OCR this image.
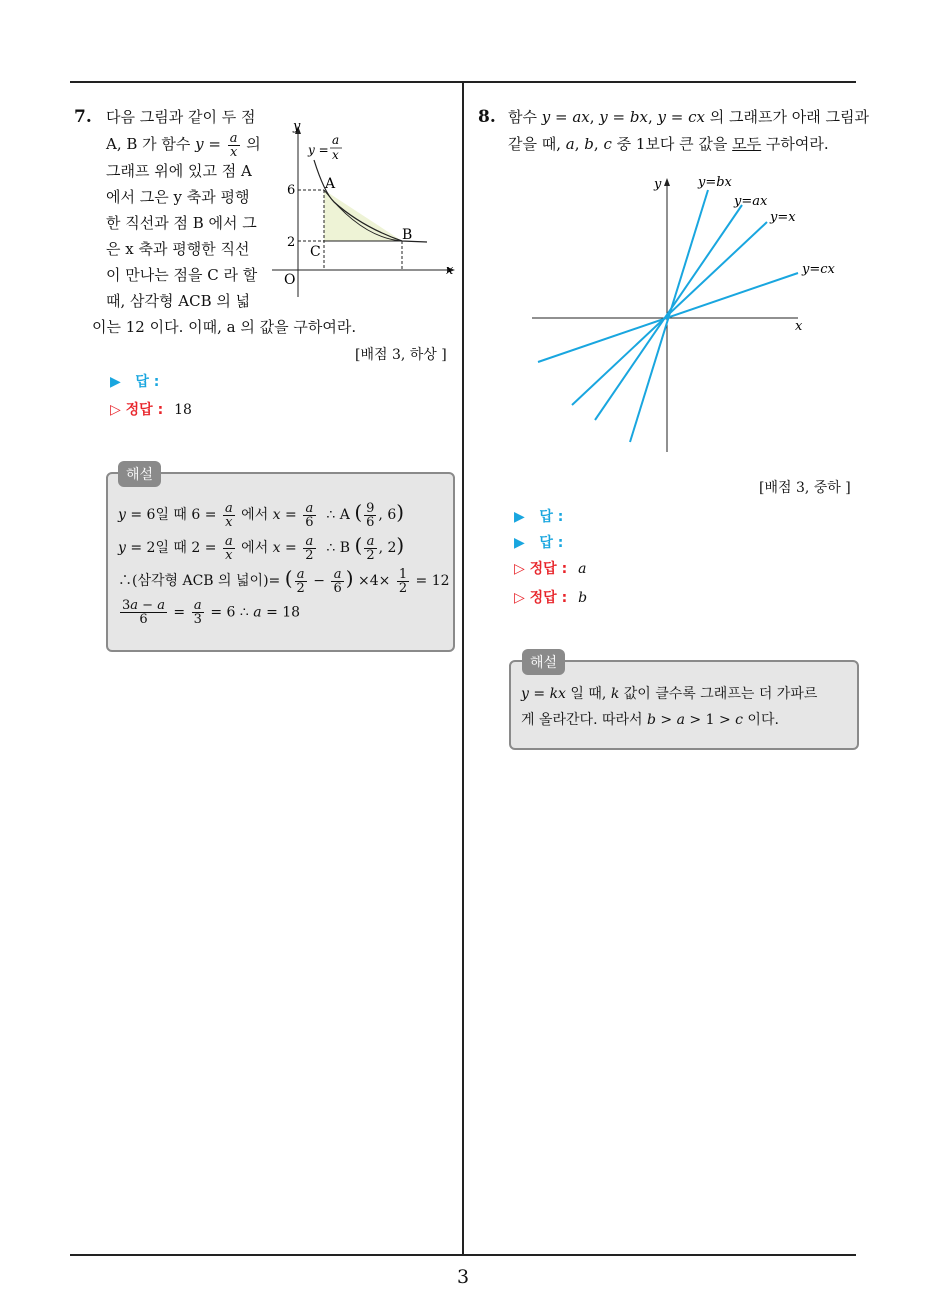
7. 다음 그림과 같이 두 점
A, B 가 함수 $y = \frac{a}{x}$ 의
그래프 위에 있고 점 A
에서 그은 y 축과 평행
한 직선과 점 B 에서 그
은 x 축과 평행한 직선
이 만나는 점을 C 라 할
때, 삼각형 ACB 의 넓
이는 12 이다. 이때, a 의 값을 구하여라.
y
x
O
6
2
A
B
C
y =
a
x
[배점 3, 하상 ]
▶ 답 :
▷ 정답 : 18
해설
y = 6일 때 $6 = \frac{a}{x}$ 에서 $x = \frac{a}{6}$ ∴ A ( $\frac{9}{6}$ , 6)
y = 2일 때 $2 = \frac{a}{x}$ 에서 $x = \frac{a}{2}$ ∴ B ( $\frac{a}{2}$ , 2)
∴(삼각형 ACB 의 넓이)= ( $\frac{a}{2} - \frac{a}{6}$ ) $\times 4\times \frac{1}{2} = 12$
$\frac{3a - a}{6} = \frac{a}{3} = 6$ ∴ a = 18
8. 함수 y = ax, y = bx, y = cx 의 그래프가 아래 그림과
같을 때, a, b, c 중 1보다 큰 값을 모두 구하여라.
y
x
y=bx
y=ax
y=x
y=cx
[배점 3, 중하 ]
▶ 답 :
▶ 답 :
▷ 정답 : a
▷ 정답 : b
해설
y = kx 일 때, k 값이 클수록 그래프는 더 가파르
게 올라간다. 따라서 b > a > 1 > c 이다.
3
